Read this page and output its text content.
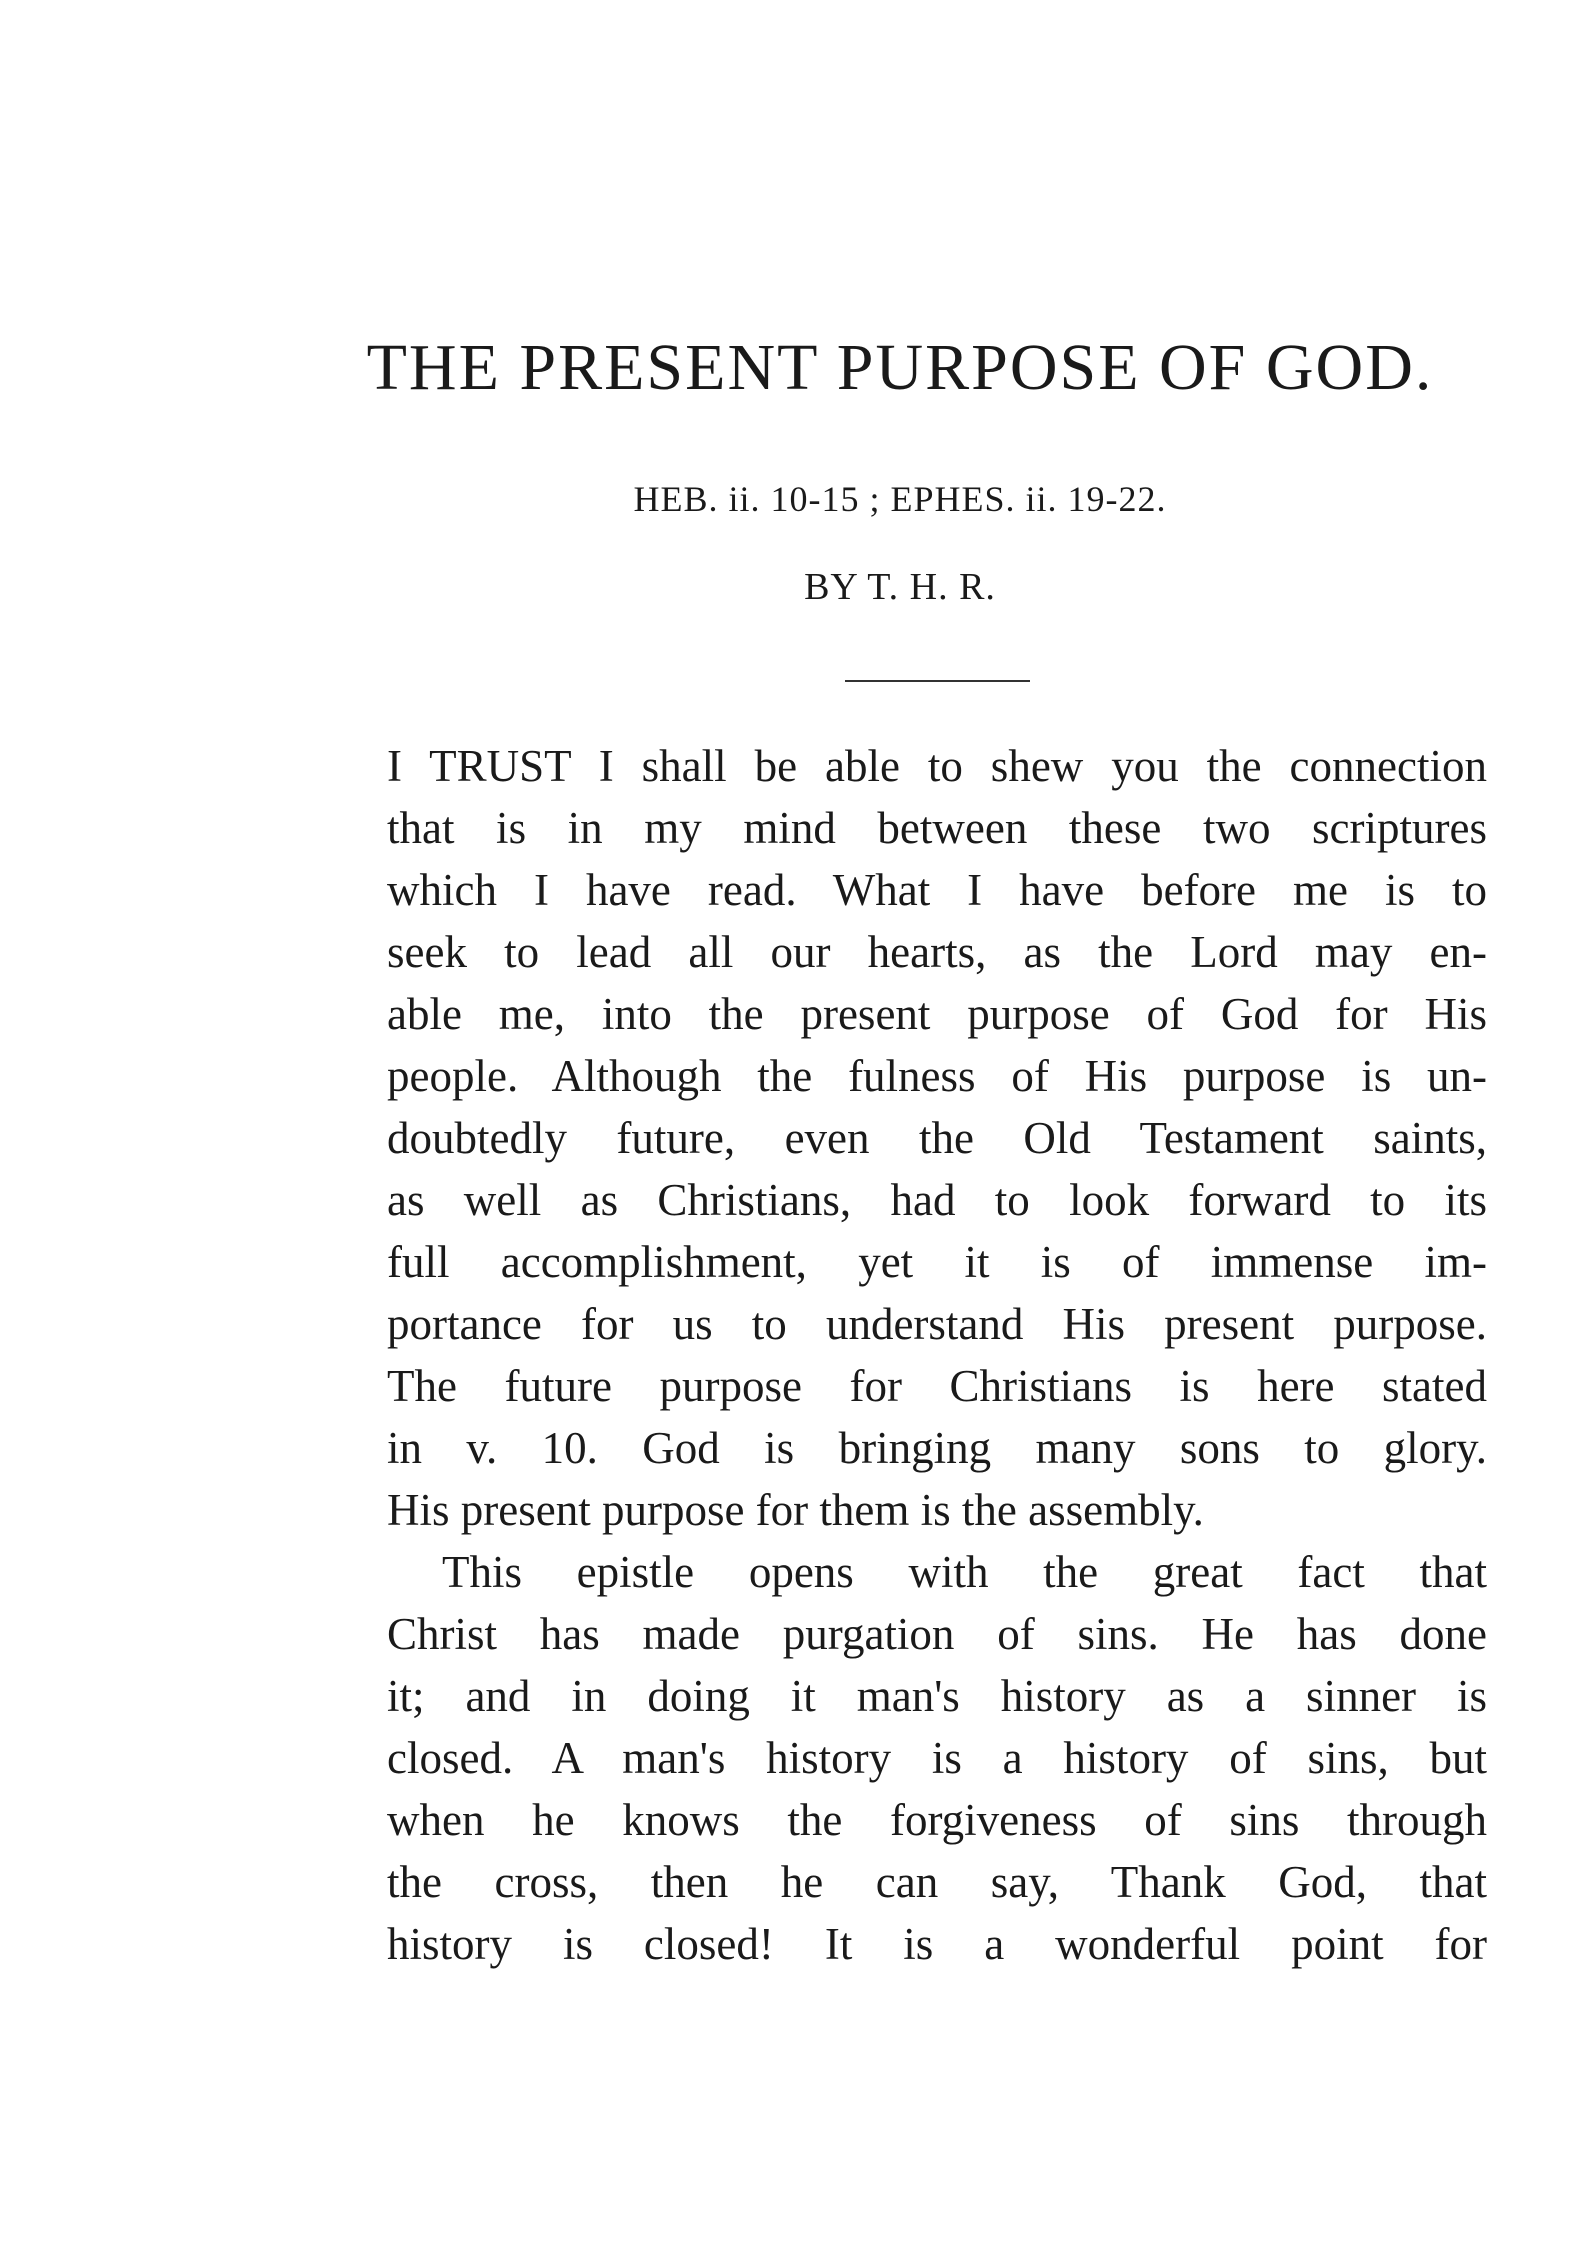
THE PRESENT PURPOSE OF GOD.
HEB. ii. 10-15 ; EPHES. ii. 19-22.
BY T. H. R.
I TRUST I shall be able to shew you the connection
that is in my mind between these two scriptures
which I have read. What I have before me is to
seek to lead all our hearts, as the Lord may en-
able me, into the present purpose of God for His
people. Although the fulness of His purpose is un-
doubtedly future, even the Old Testament saints,
as well as Christians, had to look forward to its
full accomplishment, yet it is of immense im-
portance for us to understand His present purpose.
The future purpose for Christians is here stated
in v. 10. God is bringing many sons to glory.
His present purpose for them is the assembly.
This epistle opens with the great fact that
Christ has made purgation of sins. He has done
it; and in doing it man's history as a sinner is
closed. A man's history is a history of sins, but
when he knows the forgiveness of sins through
the cross, then he can say, Thank God, that
history is closed! It is a wonderful point for
